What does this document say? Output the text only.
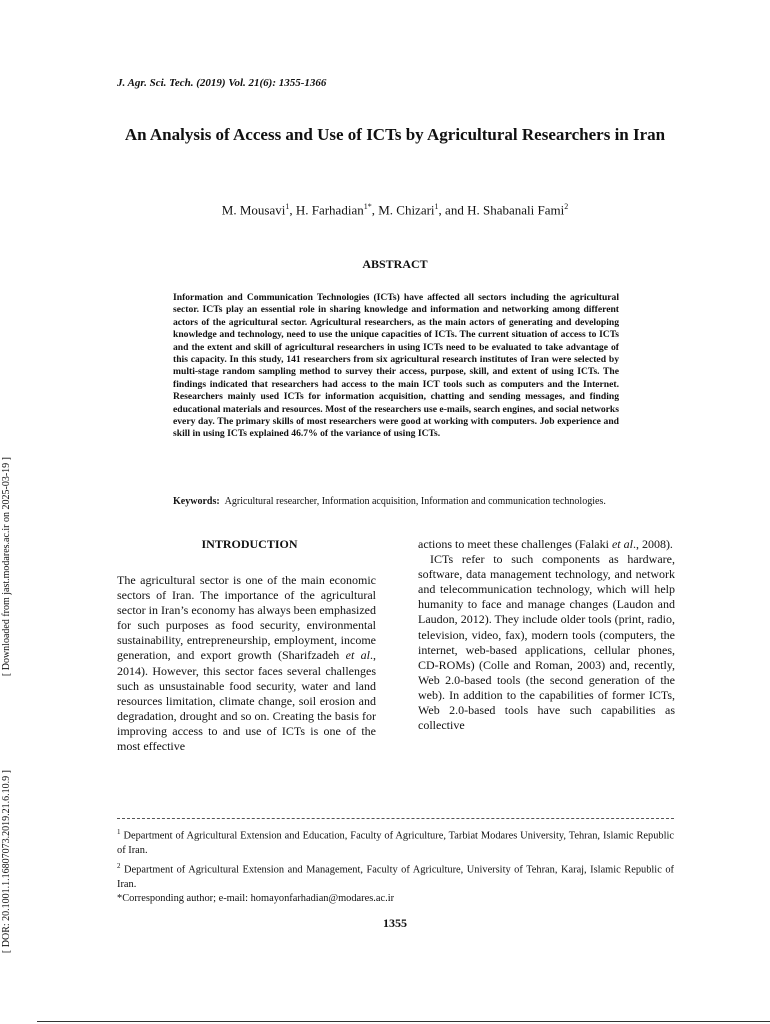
J. Agr. Sci. Tech. (2019) Vol. 21(6): 1355-1366
An Analysis of Access and Use of ICTs by Agricultural Researchers in Iran
M. Mousavi$^1$, H. Farhadian$^{1*}$, M. Chizari$^1$, and H. Shabanali Fami$^2$
ABSTRACT
Information and Communication Technologies (ICTs) have affected all sectors including the agricultural sector. ICTs play an essential role in sharing knowledge and information and networking among different actors of the agricultural sector. Agricultural researchers, as the main actors of generating and developing knowledge and technology, need to use the unique capacities of ICTs. The current situation of access to ICTs and the extent and skill of agricultural researchers in using ICTs need to be evaluated to take advantage of this capacity. In this study, 141 researchers from six agricultural research institutes of Iran were selected by multi-stage random sampling method to survey their access, purpose, skill, and extent of using ICTs. The findings indicated that researchers had access to the main ICT tools such as computers and the Internet. Researchers mainly used ICTs for information acquisition, chatting and sending messages, and finding educational materials and resources. Most of the researchers use e-mails, search engines, and social networks every day. The primary skills of most researchers were good at working with computers. Job experience and skill in using ICTs explained 46.7% of the variance of using ICTs.
Keywords: Agricultural researcher, Information acquisition, Information and communication technologies.
INTRODUCTION
The agricultural sector is one of the main economic sectors of Iran. The importance of the agricultural sector in Iran’s economy has always been emphasized for such purposes as food security, environmental sustainability, entrepreneurship, employment, income generation, and export growth (Sharifzadeh et al., 2014). However, this sector faces several challenges such as unsustainable food security, water and land resources limitation, climate change, soil erosion and degradation, drought and so on. Creating the basis for improving access to and use of ICTs is one of the most effective
actions to meet these challenges (Falaki et al., 2008).
ICTs refer to such components as hardware, software, data management technology, and network and telecommunication technology, which will help humanity to face and manage changes (Laudon and Laudon, 2012). They include older tools (print, radio, television, video, fax), modern tools (computers, the internet, web-based applications, cellular phones, CD-ROMs) (Colle and Roman, 2003) and, recently, Web 2.0-based tools (the second generation of the web). In addition to the capabilities of former ICTs, Web 2.0-based tools have such capabilities as collective
$^1$ Department of Agricultural Extension and Education, Faculty of Agriculture, Tarbiat Modares University, Tehran, Islamic Republic of Iran.
$^2$ Department of Agricultural Extension and Management, Faculty of Agriculture, University of Tehran, Karaj, Islamic Republic of Iran.
*Corresponding author; e-mail: homayonfarhadian@modares.ac.ir
1355
[ Downloaded from jast.modares.ac.ir on 2025-03-19 ]
[ DOR: 20.1001.1.16807073.2019.21.6.10.9 ]
